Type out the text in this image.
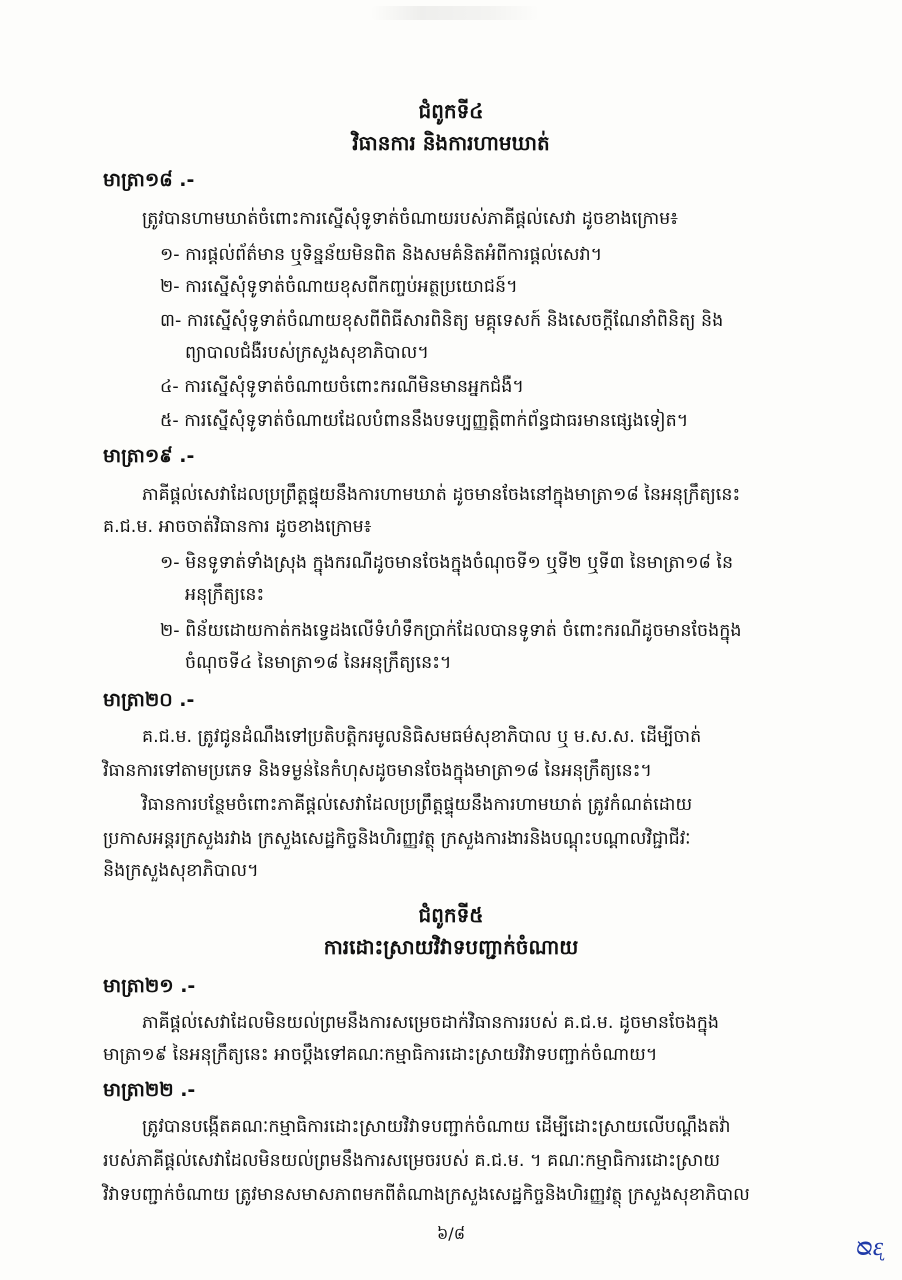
ជំពូកទី៤
វិធានការ និងការហាមឃាត់
មាត្រា១៨ .-
ត្រូវបានហាមឃាត់ចំពោះការស្នើសុំទូទាត់ចំណាយរបស់ភាគីផ្តល់សេវា ដូចខាងក្រោម៖
១- ការផ្តល់ព័ត៌មាន ឬទិន្នន័យមិនពិត និងសមគំនិតអំពីការផ្តល់សេវា។
២- ការស្នើសុំទូទាត់ចំណាយខុសពីកញ្ចប់អត្ថប្រយោជន៍។
៣- ការស្នើសុំទូទាត់ចំណាយខុសពីពិធីសារពិនិត្យ មគ្គុទេសក៍ និងសេចក្តីណែនាំពិនិត្យ និង
ព្យាបាលជំងឺរបស់ក្រសួងសុខាភិបាល។
៤- ការស្នើសុំទូទាត់ចំណាយចំពោះករណីមិនមានអ្នកជំងឺ។
៥- ការស្នើសុំទូទាត់ចំណាយដែលបំពាននឹងបទប្បញ្ញត្តិពាក់ព័ន្ធជាធរមានផ្សេងទៀត។
មាត្រា១៩ .-
ភាគីផ្តល់សេវាដែលប្រព្រឹត្តផ្ទុយនឹងការហាមឃាត់ ដូចមានចែងនៅក្នុងមាត្រា១៨ នៃអនុក្រឹត្យនេះ
គ.ជ.ម. អាចចាត់វិធានការ ដូចខាងក្រោម៖
១- មិនទូទាត់ទាំងស្រុង ក្នុងករណីដូចមានចែងក្នុងចំណុចទី១ ឬទី២ ឬទី៣ នៃមាត្រា១៨ នៃ
អនុក្រឹត្យនេះ
២- ពិន័យដោយកាត់កងទ្វេដងលើទំហំទឹកប្រាក់ដែលបានទូទាត់ ចំពោះករណីដូចមានចែងក្នុង
ចំណុចទី៤ នៃមាត្រា១៨ នៃអនុក្រឹត្យនេះ។
មាត្រា២០ .-
គ.ជ.ម. ត្រូវជូនដំណឹងទៅប្រតិបត្តិករមូលនិធិសមធម៌សុខាភិបាល ឬ ម.ស.ស. ដើម្បីចាត់
វិធានការទៅតាមប្រភេទ និងទម្ងន់នៃកំហុសដូចមានចែងក្នុងមាត្រា១៨ នៃអនុក្រឹត្យនេះ។
វិធានការបន្ថែមចំពោះភាគីផ្តល់សេវាដែលប្រព្រឹត្តផ្ទុយនឹងការហាមឃាត់ ត្រូវកំណត់ដោយ
ប្រកាសអន្តរក្រសួងរវាង ក្រសួងសេដ្ឋកិច្ចនិងហិរញ្ញវត្ថុ ក្រសួងការងារនិងបណ្តុះបណ្តាលវិជ្ជាជីវៈ
និងក្រសួងសុខាភិបាល។
ជំពូកទី៥
ការដោះស្រាយវិវាទបញ្ជាក់ចំណាយ
មាត្រា២១ .-
ភាគីផ្តល់សេវាដែលមិនយល់ព្រមនឹងការសម្រេចដាក់វិធានការរបស់ គ.ជ.ម. ដូចមានចែងក្នុង
មាត្រា១៩ នៃអនុក្រឹត្យនេះ អាចប្តឹងទៅគណៈកម្មាធិការដោះស្រាយវិវាទបញ្ជាក់ចំណាយ។
មាត្រា២២ .-
ត្រូវបានបង្កើតគណៈកម្មាធិការដោះស្រាយវិវាទបញ្ជាក់ចំណាយ ដើម្បីដោះស្រាយលើបណ្តឹងតវ៉ា
របស់ភាគីផ្តល់សេវាដែលមិនយល់ព្រមនឹងការសម្រេចរបស់ គ.ជ.ម. ។ គណៈកម្មាធិការដោះស្រាយ
វិវាទបញ្ជាក់ចំណាយ ត្រូវមានសមាសភាពមកពីតំណាងក្រសួងសេដ្ឋកិច្ចនិងហិរញ្ញវត្ថុ ក្រសួងសុខាភិបាល
៦/៨	ᴓᶓ
